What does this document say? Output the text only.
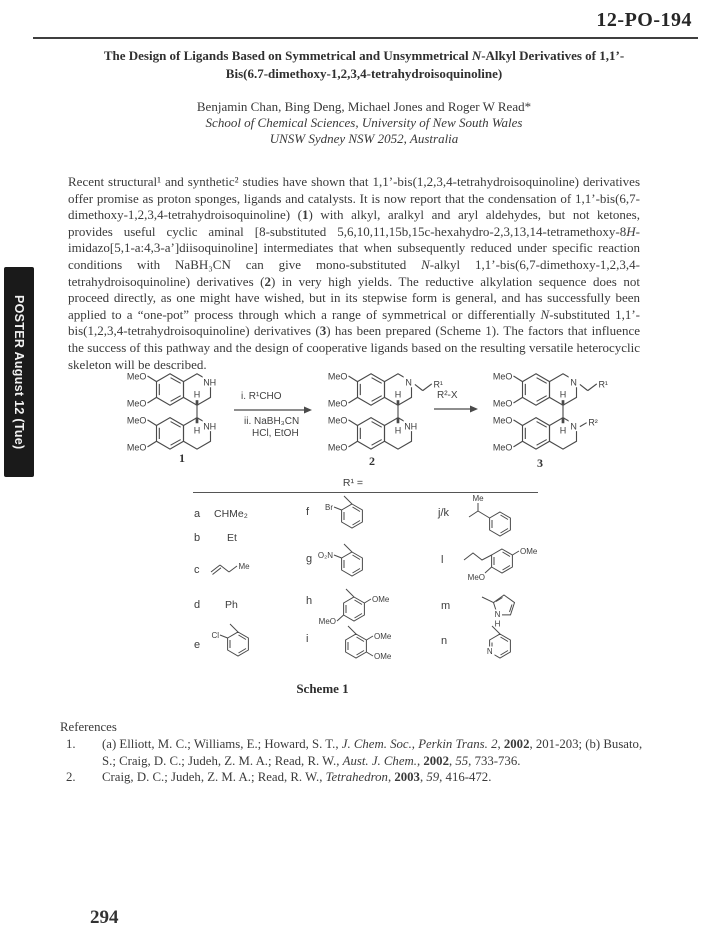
POSTER August 12 (Tue)
12-PO-194
The Design of Ligands Based on Symmetrical and Unsymmetrical N-Alkyl Derivatives of 1,1’-
Bis(6.7-dimethoxy-1,2,3,4-tetrahydroisoquinoline)
Benjamin Chan, Bing Deng, Michael Jones and Roger W Read*
School of Chemical Sciences, University of New South Wales
UNSW Sydney NSW 2052, Australia
Recent structural¹ and synthetic² studies have shown that 1,1’-bis(1,2,3,4-tetrahydroisoquinoline) derivatives offer promise as proton sponges, ligands and catalysts. It is now report that the condensation of 1,1’-bis(6,7-dimethoxy-1,2,3,4-tetrahydroisoquinoline) (1) with alkyl, aralkyl and aryl aldehydes, but not ketones, provides useful cyclic aminal [8-substituted 5,6,10,11,15b,15c-hexahydro-2,3,13,14-tetramethoxy-8H-imidazo[5,1-a:4,3-a’]diisoquinoline] intermediates that when subsequently reduced under specific reaction conditions with NaBH₃CN can give mono-substituted N-alkyl 1,1’-bis(6,7-dimethoxy-1,2,3,4-tetrahydroisoquinoline) derivatives (2) in very high yields. The reductive alkylation sequence does not proceed directly, as one might have wished, but in its stepwise form is general, and has successfully been applied to a “one-pot” process through which a range of symmetrical or differentially N-substituted 1,1’-bis(1,2,3,4-tetrahydroisoquinoline) derivatives (3) has been prepared (Scheme 1). The factors that influence the success of this pathway and the design of cooperative ligands based on the resulting versatile heterocyclic skeleton will be described.
NH
NH
H
H
MeO
MeO
MeO
MeO
1
i. R¹CHO
ii. NaBH₃CN
HCl, EtOH
N	R¹
NH
H
H
MeO
MeO
MeO
MeO
2
R²-X
N	R¹
N R²
H
H
MeO
MeO
MeO
MeO
3
R¹ =
a CHMe₂
b	Et
c	Me
d Ph
e
Cl
f Br
g O₂N
h	OMe
MeO
i	OMe
OMe
j/k
Me
l
OMe
MeO
m
N
H
n
N
Scheme 1
References
1.	(a) Elliott, M. C.; Williams, E.; Howard, S. T., J. Chem. Soc., Perkin Trans. 2, 2002, 201-203; (b) Busato, S.; Craig, D. C.; Judeh, Z. M. A.; Read, R. W., Aust. J. Chem., 2002, 55, 733-736.
2.	Craig, D. C.; Judeh, Z. M. A.; Read, R. W., Tetrahedron, 2003, 59, 416-472.
294
